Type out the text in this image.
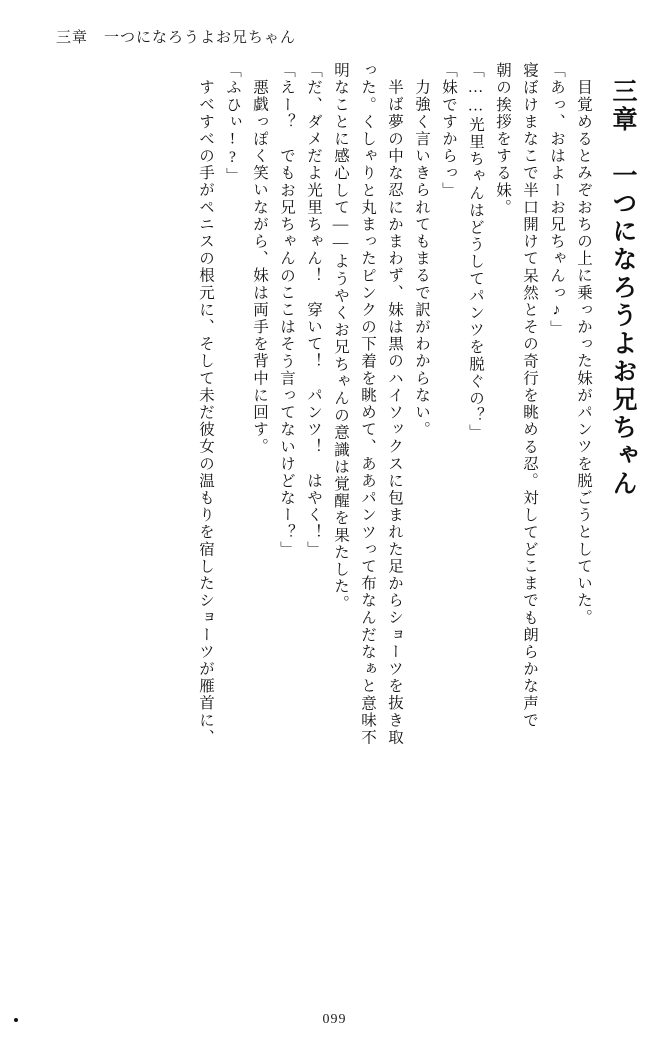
三章　一つになろうよお兄ちゃん
三章　一つになろうよお兄ちゃん
目覚めるとみぞおちの上に乗っかった妹がパンツを脱ごうとしていた。
「あっ、おはよーお兄ちゃんっ♪」
寝ぼけまなこで半口開けて呆然とその奇行を眺める忍。対してどこまでも朗らかな声で
朝の挨拶をする妹。
「……光里ちゃんはどうしてパンツを脱ぐの？」
「妹ですからっ」
力強く言いきられてもまるで訳がわからない。
半ば夢の中な忍にかまわず、妹は黒のハイソックスに包まれた足からショーツを抜き取
った。くしゃりと丸まったピンクの下着を眺めて、ああパンツって布なんだなぁと意味不
明なことに感心して――ようやくお兄ちゃんの意識は覚醒を果たした。
「だ、ダメだよ光里ちゃん！　穿いて！　パンツ！　はやく！」
「えー？　でもお兄ちゃんのここはそう言ってないけどなー？」
悪戯っぽく笑いながら、妹は両手を背中に回す。
「ふひぃ!?」
すべすべの手がペニスの根元に、そして未だ彼女の温もりを宿したショーツが雁首に、
099
